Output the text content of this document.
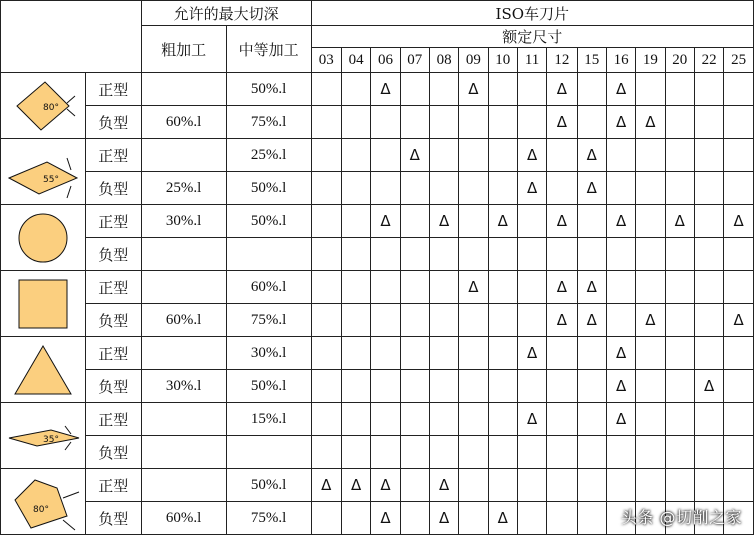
		允许的最大切深		ISO车刀片														
		粗加工	中等加工	额定尺寸														
				03	04	06	07	08	09	10	11	12	15	16	19	20	22	25

80°	正型		50%.l			Δ			Δ			Δ		Δ				
	负型	60%.l	75%.l									Δ		Δ	Δ			

55°	正型		25%.l				Δ				Δ		Δ					
	负型	25%.l	50%.l								Δ		Δ					

	正型	30%.l	50%.l			Δ		Δ		Δ		Δ		Δ		Δ		Δ
	负型																	

	正型		60%.l						Δ			Δ	Δ					
	负型	60%.l	75%.l									Δ	Δ		Δ			Δ

	正型		30%.l								Δ			Δ				
	负型	30%.l	50%.l											Δ			Δ	

35°	正型		15%.l								Δ			Δ				
	负型																	

80°	正型		50%.l	Δ	Δ	Δ		Δ										
	负型	60%.l	75%.l			Δ		Δ		Δ									头条 @切削之家
